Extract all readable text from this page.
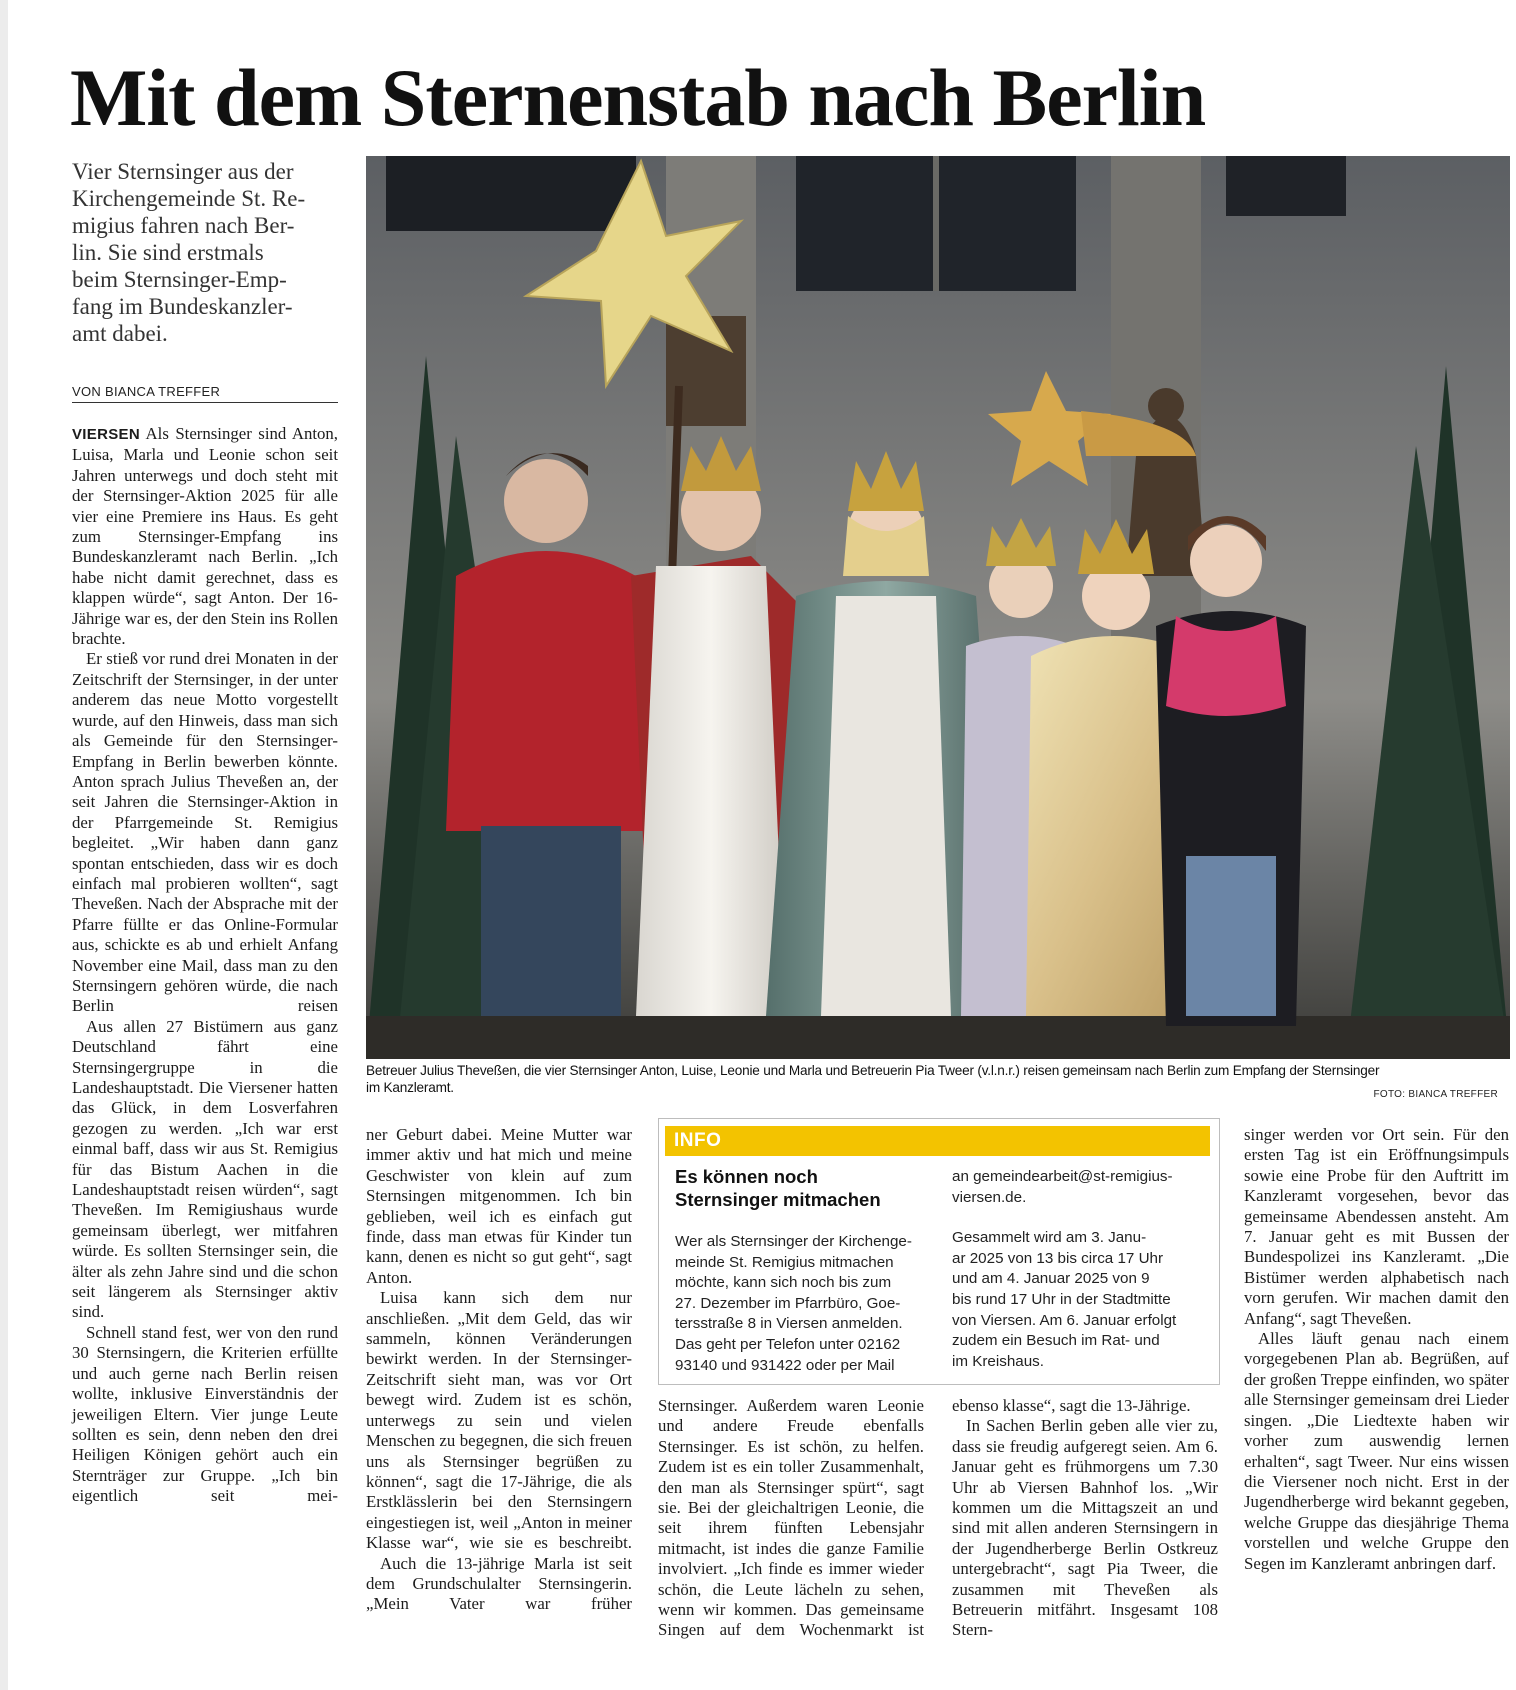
Mit dem Sternenstab nach Berlin

Vier Sternsinger aus der

Kirchengemeinde St. Re-

migius fahren nach Ber-

lin. Sie sind erstmals

beim Sternsinger-Emp-

fang im Bundeskanzler-

amt dabei.

VON BIANCA TREFFER

VIERSEN Als Sternsinger sind Anton, Luisa, Marla und Leonie schon seit Jahren unterwegs und doch steht mit der Sternsinger-Aktion 2025 für alle vier eine Premiere ins Haus. Es geht zum Sternsinger-Empfang ins Bundeskanzleramt nach Berlin. „Ich habe nicht damit gerechnet, dass es klappen würde“, sagt Anton. Der 16-Jährige war es, der den Stein ins Rollen brachte.

Er stieß vor rund drei Monaten in der Zeitschrift der Sternsinger, in der unter anderem das neue Motto vorgestellt wurde, auf den Hinweis, dass man sich als Gemeinde für den Sternsinger-Empfang in Berlin bewerben könnte. Anton sprach Julius Theveßen an, der seit Jahren die Sternsinger-Aktion in der Pfarrgemeinde St. Remigius begleitet. „Wir haben dann ganz spontan entschieden, dass wir es doch einfach mal probieren wollten“, sagt Theveßen. Nach der Absprache mit der Pfarre füllte er das Online-Formular aus, schickte es ab und erhielt Anfang November eine Mail, dass man zu den Sternsingern gehören würde, die nach Berlin reisen

Aus allen 27 Bistümern aus ganz Deutschland fährt eine Sternsingergruppe in die Landeshauptstadt. Die Viersener hatten das Glück, in dem Losverfahren gezogen zu werden. „Ich war erst einmal baff, dass wir aus St. Remigius für das Bistum Aachen in die Landeshauptstadt reisen würden“, sagt Theveßen. Im Remigiushaus wurde gemeinsam überlegt, wer mitfahren würde. Es sollten Sternsinger sein, die älter als zehn Jahre sind und die schon seit längerem als Sternsinger aktiv sind.

Schnell stand fest, wer von den rund 30 Sternsingern, die Kriterien erfüllte und auch gerne nach Berlin reisen wollte, inklusive Einverständnis der jeweiligen Eltern. Vier junge Leute sollten es sein, denn neben den drei Heiligen Königen gehört auch ein Sternträger zur Gruppe. „Ich bin eigentlich seit mei-

ner Geburt dabei. Meine Mutter war immer aktiv und hat mich und meine Geschwister von klein auf zum Sternsingen mitgenommen. Ich bin geblieben, weil ich es einfach gut finde, dass man etwas für Kinder tun kann, denen es nicht so gut geht“, sagt Anton.

Luisa kann sich dem nur anschließen. „Mit dem Geld, das wir sammeln, können Veränderungen bewirkt werden. In der Sternsinger-Zeitschrift sieht man, was vor Ort bewegt wird. Zudem ist es schön, unterwegs zu sein und vielen Menschen zu begegnen, die sich freuen uns als Sternsinger begrüßen zu können“, sagt die 17-Jährige, die als Erstklässlerin bei den Sternsingern eingestiegen ist, weil „Anton in meiner Klasse war“, wie sie es beschreibt.

Auch die 13-jährige Marla ist seit dem Grundschulalter Sternsingerin. „Mein Vater war früher

Sternsinger. Außerdem waren Leonie und andere Freude ebenfalls Sternsinger. Es ist schön, zu helfen. Zudem ist es ein toller Zusammenhalt, den man als Sternsinger spürt“, sagt sie. Bei der gleichaltrigen Leonie, die seit ihrem fünften Lebensjahr mitmacht, ist indes die ganze Familie involviert. „Ich finde es immer wieder schön, die Leute lächeln zu sehen, wenn wir kommen. Das gemeinsame Singen auf dem Wochenmarkt ist

ebenso klasse“, sagt die 13-Jährige.

In Sachen Berlin geben alle vier zu, dass sie freudig aufgeregt seien. Am 6. Januar geht es frühmorgens um 7.30 Uhr ab Viersen Bahnhof los. „Wir kommen um die Mittagszeit an und sind mit allen anderen Sternsingern in der Jugendherberge Berlin Ostkreuz untergebracht“, sagt Pia Tweer, die zusammen mit Theveßen als Betreuerin mitfährt. Insgesamt 108 Stern-

singer werden vor Ort sein. Für den ersten Tag ist ein Eröffnungsimpuls sowie eine Probe für den Auftritt im Kanzleramt vorgesehen, bevor das gemeinsame Abendessen ansteht. Am 7. Januar geht es mit Bussen der Bundespolizei ins Kanzleramt. „Die Bistümer werden alphabetisch nach vorn gerufen. Wir machen damit den Anfang“, sagt Theveßen.

Alles läuft genau nach einem vorgegebenen Plan ab. Begrüßen, auf der großen Treppe einfinden, wo später alle Sternsinger gemeinsam drei Lieder singen. „Die Liedtexte haben wir vorher zum auswendig lernen erhalten“, sagt Tweer. Nur eins wissen die Viersener noch nicht. Erst in der Jugendherberge wird bekannt gegeben, welche Gruppe das diesjährige Thema vorstellen und welche Gruppe den Segen im Kanzleramt anbringen darf.

Betreuer Julius Theveßen, die vier Sternsinger Anton, Luise, Leonie und Marla und Betreuerin Pia Tweer (v.l.n.r.) reisen gemeinsam nach Berlin zum Empfang der Sternsinger

im Kanzleramt.	FOTO: BIANCA TREFFER
INFO

Es können noch

Sternsinger mitmachen

Wer als Sternsinger der Kirchenge-

meinde St. Remigius mitmachen

möchte, kann sich noch bis zum

27. Dezember im Pfarrbüro, Goe-

tersstraße 8 in Viersen anmelden.

Das geht per Telefon unter 02162

93140 und 931422 oder per Mail

an gemeindearbeit@st-remigius-

viersen.de.

Gesammelt wird am 3. Janu-

ar 2025 von 13 bis circa 17 Uhr

und am 4. Januar 2025 von 9

bis rund 17 Uhr in der Stadtmitte

von Viersen. Am 6. Januar erfolgt

zudem ein Besuch im Rat- und

im Kreishaus.
